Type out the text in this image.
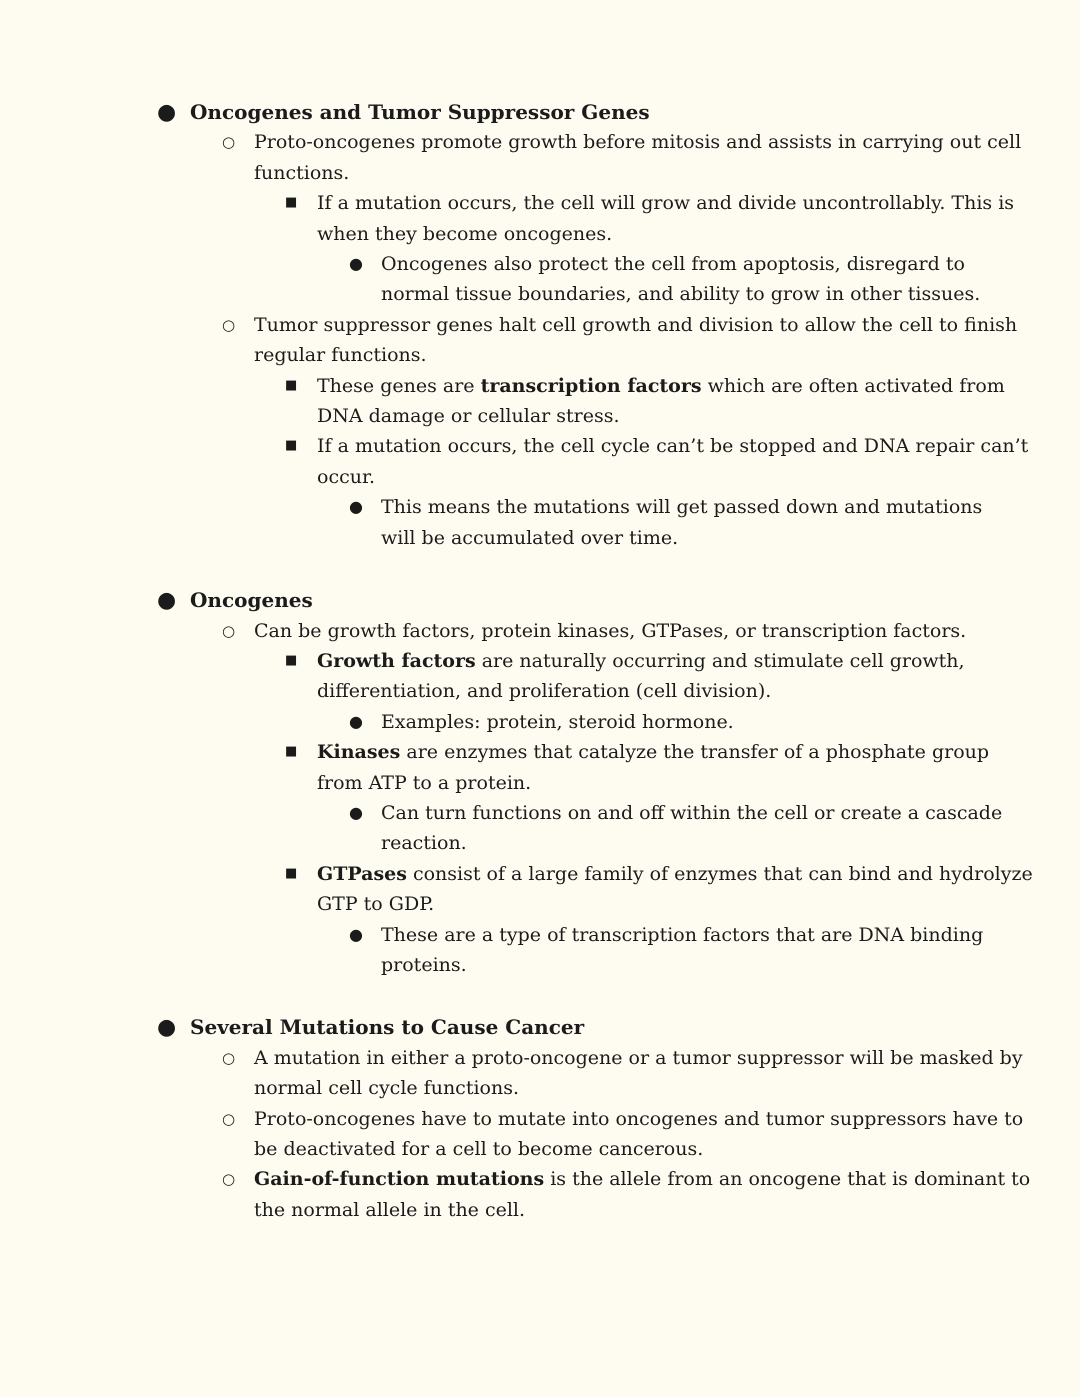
● Oncogenes and Tumor Suppressor Genes
○ Proto-oncogenes promote growth before mitosis and assists in carrying out cell
functions.
■ If a mutation occurs, the cell will grow and divide uncontrollably. This is
when they become oncogenes.
● Oncogenes also protect the cell from apoptosis, disregard to
normal tissue boundaries, and ability to grow in other tissues.
○ Tumor suppressor genes halt cell growth and division to allow the cell to finish
regular functions.
■ These genes are transcription factors which are often activated from
DNA damage or cellular stress.
■ If a mutation occurs, the cell cycle can’t be stopped and DNA repair can’t
occur.
● This means the mutations will get passed down and mutations
will be accumulated over time.
● Oncogenes
○ Can be growth factors, protein kinases, GTPases, or transcription factors.
■ Growth factors are naturally occurring and stimulate cell growth,
differentiation, and proliferation (cell division).
● Examples: protein, steroid hormone.
■ Kinases are enzymes that catalyze the transfer of a phosphate group
from ATP to a protein.
● Can turn functions on and off within the cell or create a cascade
reaction.
■ GTPases consist of a large family of enzymes that can bind and hydrolyze
GTP to GDP.
● These are a type of transcription factors that are DNA binding
proteins.
● Several Mutations to Cause Cancer
○ A mutation in either a proto-oncogene or a tumor suppressor will be masked by
normal cell cycle functions.
○ Proto-oncogenes have to mutate into oncogenes and tumor suppressors have to
be deactivated for a cell to become cancerous.
○ Gain-of-function mutations is the allele from an oncogene that is dominant to
the normal allele in the cell.
